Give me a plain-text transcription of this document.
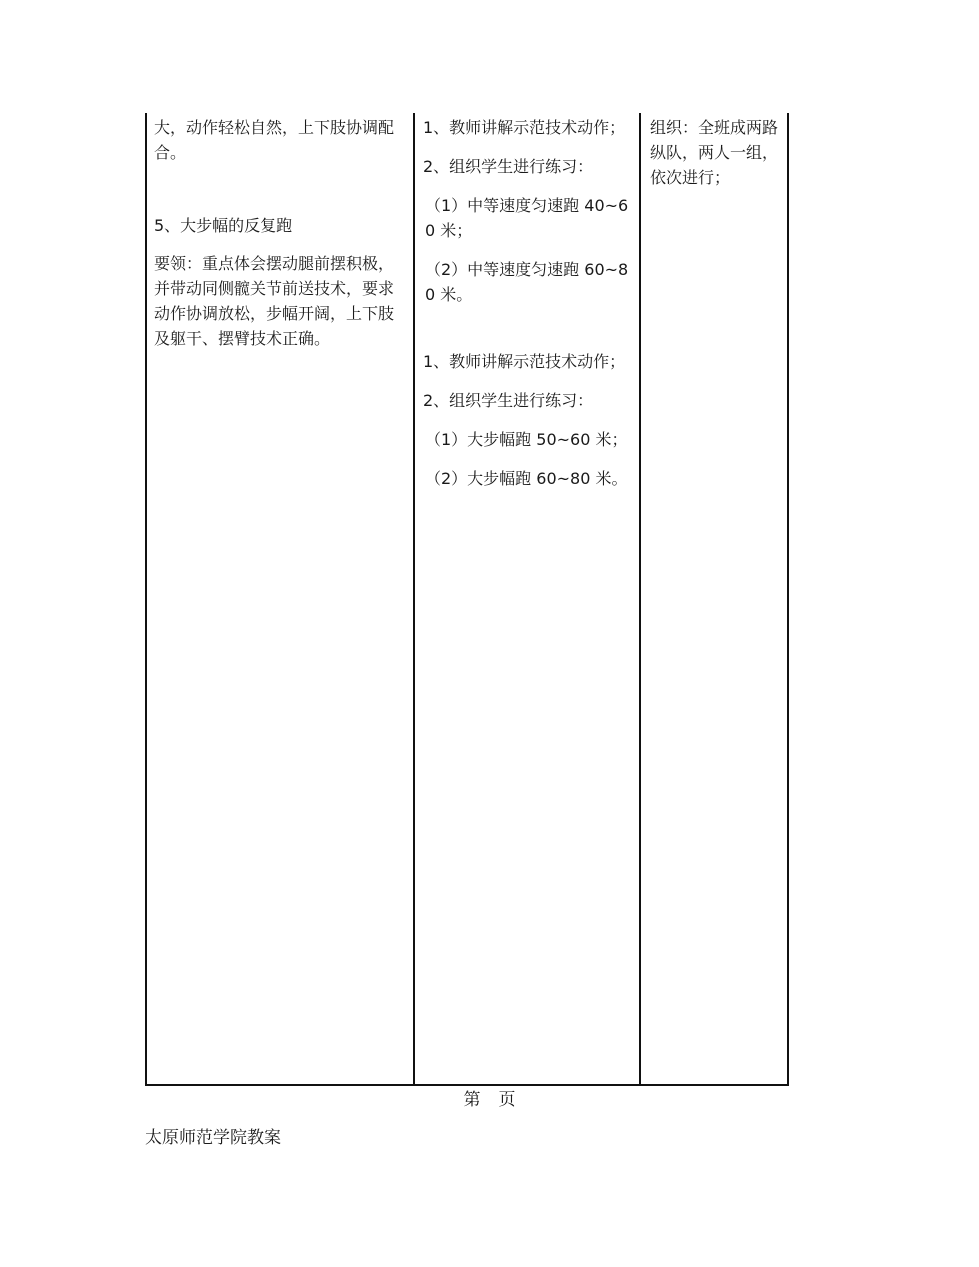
大，动作轻松自然，上下肢协调配合。

5、大步幅的反复跑

要领：重点体会摆动腿前摆积极，并带动同侧髋关节前送技术，要求动作协调放松，步幅开阔，上下肢及躯干、摆臂技术正确。

1、教师讲解示范技术动作；

2、组织学生进行练习：

（1）中等速度匀速跑 40~60 米；

（2）中等速度匀速跑 60~80 米。

1、教师讲解示范技术动作；

2、组织学生进行练习：

（1）大步幅跑 50~60 米；

（2）大步幅跑 60~80 米。

组织：全班成两路纵队，两人一组，依次进行；

第 页
太原师范学院教案
